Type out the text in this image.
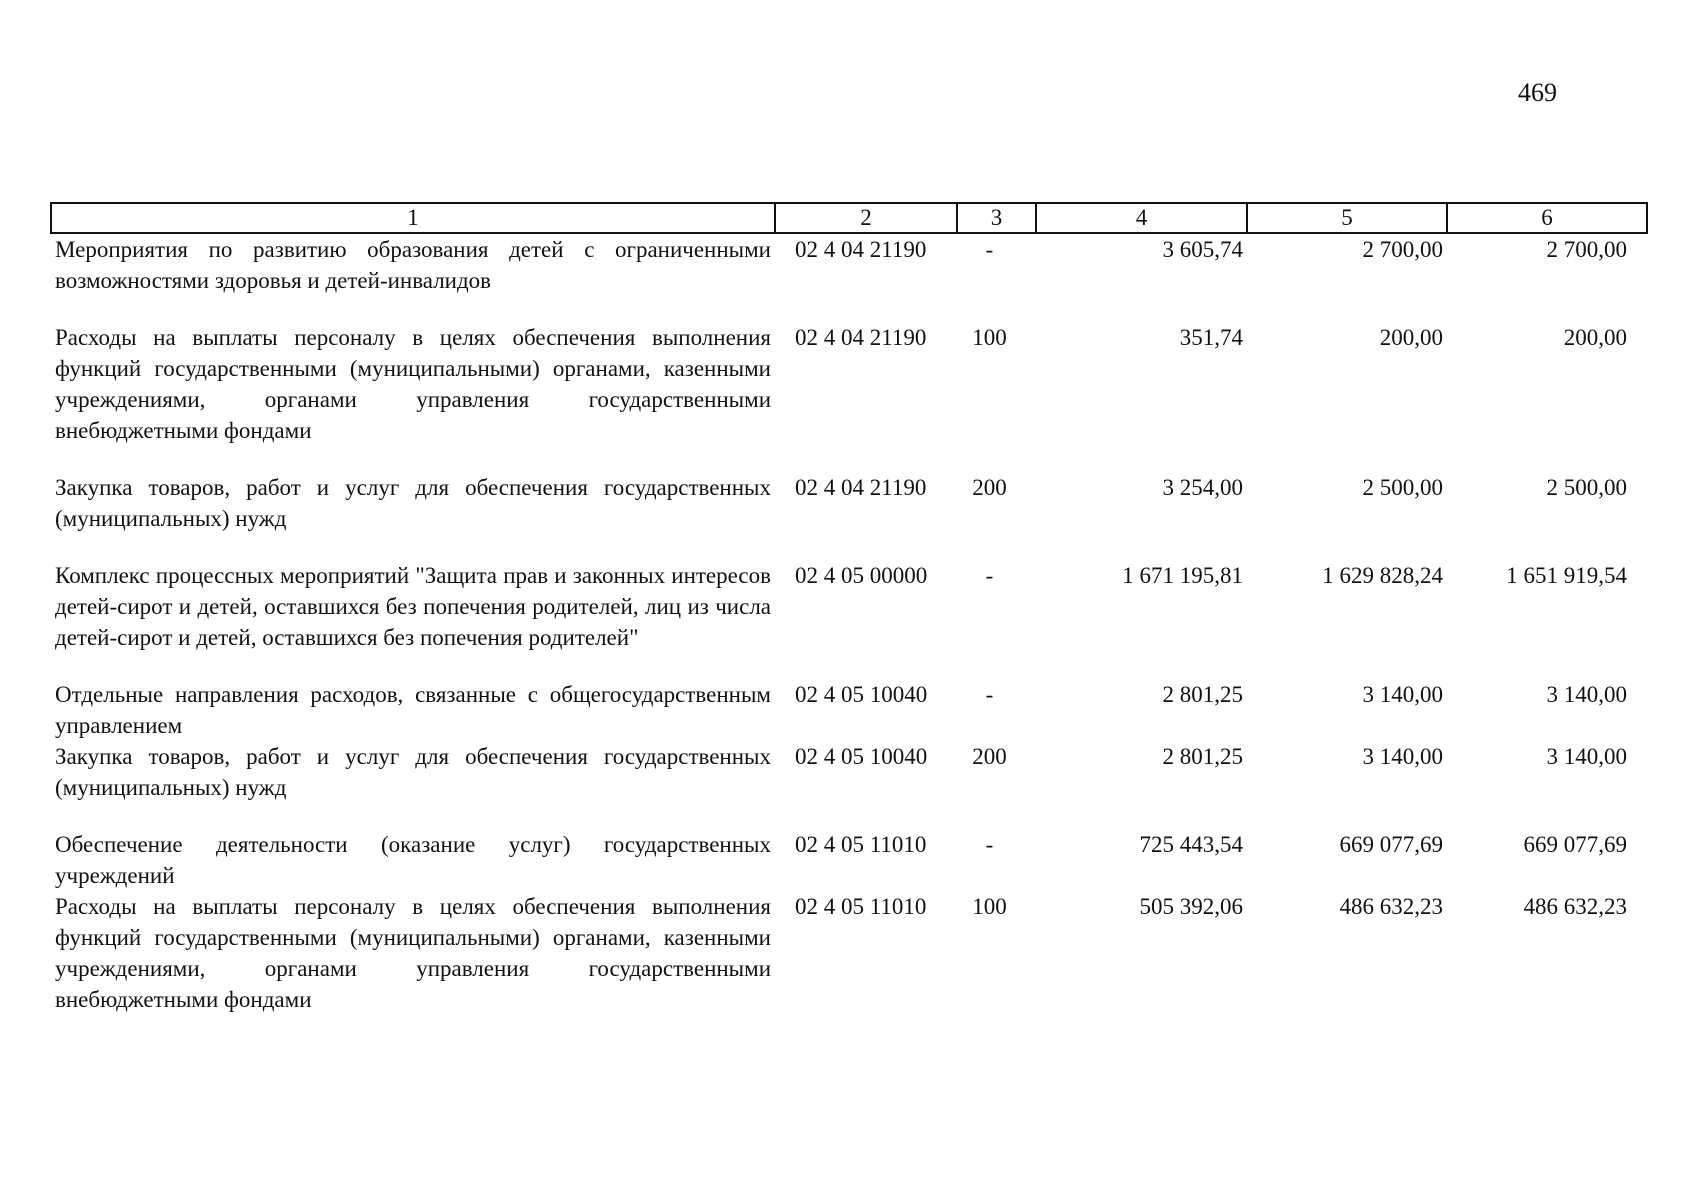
469
1	2	3	4	5	6
Мероприятия по развитию образования детей с ограниченными возможностями здоровья и детей-инвалидов	02 4 04 21190	-	3 605,74	2 700,00	2 700,00
Расходы на выплаты персоналу в целях обеспечения выполнения функций государственными (муниципальными) органами, казенными учреждениями, органами управления государственными внебюджетными фондами	02 4 04 21190	100	351,74	200,00	200,00
Закупка товаров, работ и услуг для обеспечения государственных (муниципальных) нужд	02 4 04 21190	200	3 254,00	2 500,00	2 500,00
Комплекс процессных мероприятий "Защита прав и законных интересов детей-сирот и детей, оставшихся без попечения родителей, лиц из числа детей-сирот и детей, оставшихся без попечения родителей"	02 4 05 00000	-	1 671 195,81	1 629 828,24	1 651 919,54
Отдельные направления расходов, связанные с общегосударственным управлением	02 4 05 10040	-	2 801,25	3 140,00	3 140,00
Закупка товаров, работ и услуг для обеспечения государственных (муниципальных) нужд	02 4 05 10040	200	2 801,25	3 140,00	3 140,00
Обеспечение деятельности (оказание услуг) государственных учреждений	02 4 05 11010	-	725 443,54	669 077,69	669 077,69
Расходы на выплаты персоналу в целях обеспечения выполнения функций государственными (муниципальными) органами, казенными учреждениями, органами управления государственными внебюджетными фондами	02 4 05 11010	100	505 392,06	486 632,23	486 632,23
